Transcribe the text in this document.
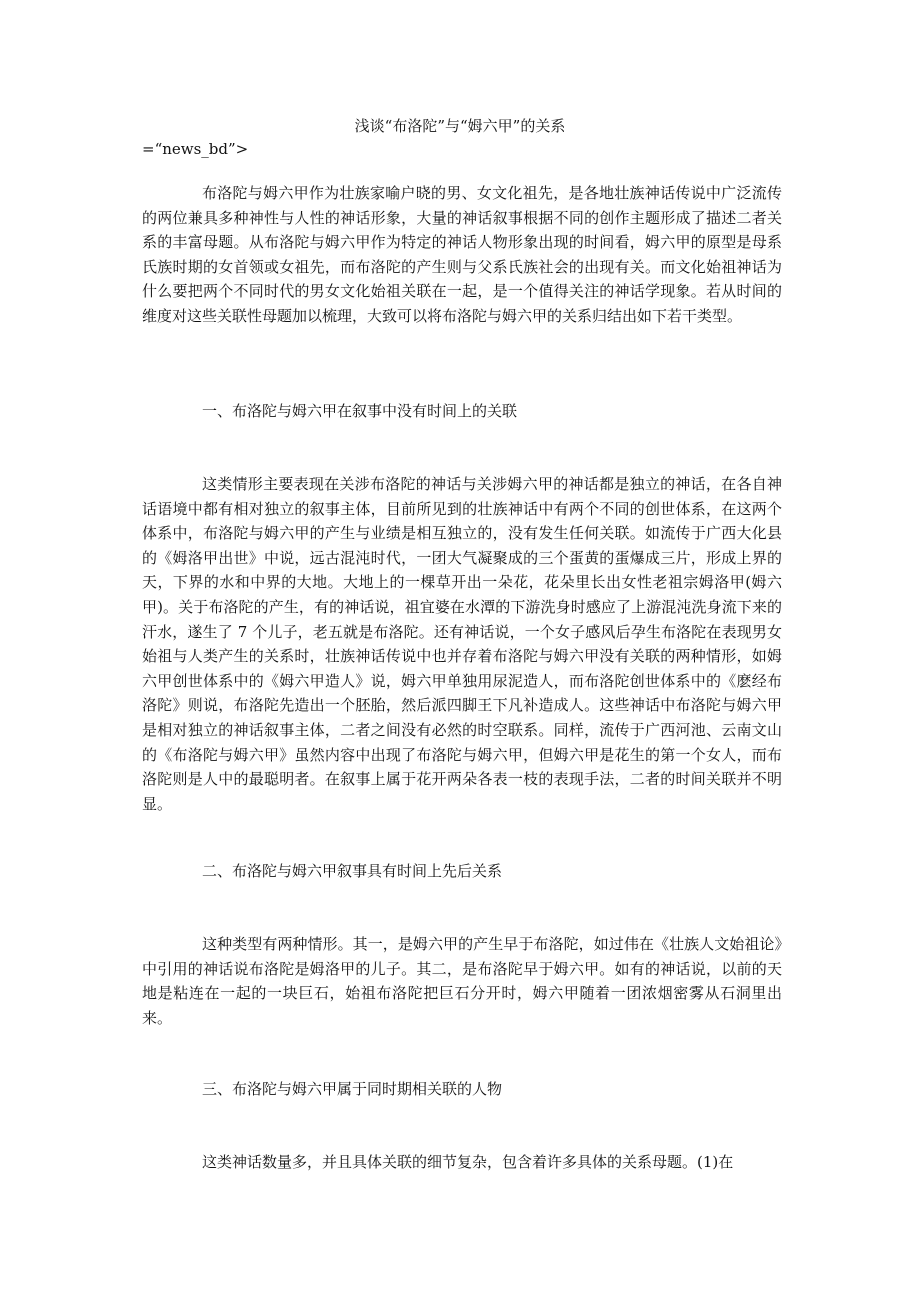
浅谈“布洛陀”与“姆六甲”的关系
=“news_bd”>

布洛陀与姆六甲作为壮族家喻户晓的男、女文化祖先，是各地壮族神话传说中广泛流传的两位兼具多种神性与人性的神话形象，大量的神话叙事根据不同的创作主题形成了描述二者关系的丰富母题。从布洛陀与姆六甲作为特定的神话人物形象出现的时间看，姆六甲的原型是母系氏族时期的女首领或女祖先，而布洛陀的产生则与父系氏族社会的出现有关。而文化始祖神话为什么要把两个不同时代的男女文化始祖关联在一起，是一个值得关注的神话学现象。若从时间的维度对这些关联性母题加以梳理，大致可以将布洛陀与姆六甲的关系归结出如下若干类型。

一、布洛陀与姆六甲在叙事中没有时间上的关联

这类情形主要表现在关涉布洛陀的神话与关涉姆六甲的神话都是独立的神话，在各自神话语境中都有相对独立的叙事主体，目前所见到的壮族神话中有两个不同的创世体系，在这两个体系中，布洛陀与姆六甲的产生与业绩是相互独立的，没有发生任何关联。如流传于广西大化县的《姆洛甲出世》中说，远古混沌时代，一团大气凝聚成的三个蛋黄的蛋爆成三片，形成上界的天，下界的水和中界的大地。大地上的一棵草开出一朵花，花朵里长出女性老祖宗姆洛甲(姆六甲)。关于布洛陀的产生，有的神话说，祖宜婆在水潭的下游洗身时感应了上游混沌洗身流下来的汗水，遂生了 7 个儿子，老五就是布洛陀。还有神话说，一个女子感风后孕生布洛陀在表现男女始祖与人类产生的关系时，壮族神话传说中也并存着布洛陀与姆六甲没有关联的两种情形，如姆六甲创世体系中的《姆六甲造人》说，姆六甲单独用尿泥造人，而布洛陀创世体系中的《麽经布洛陀》则说，布洛陀先造出一个胚胎，然后派四脚王下凡补造成人。这些神话中布洛陀与姆六甲是相对独立的神话叙事主体，二者之间没有必然的时空联系。同样，流传于广西河池、云南文山的《布洛陀与姆六甲》虽然内容中出现了布洛陀与姆六甲，但姆六甲是花生的第一个女人，而布洛陀则是人中的最聪明者。在叙事上属于花开两朵各表一枝的表现手法，二者的时间关联并不明显。

二、布洛陀与姆六甲叙事具有时间上先后关系

这种类型有两种情形。其一，是姆六甲的产生早于布洛陀，如过伟在《壮族人文始祖论》中引用的神话说布洛陀是姆洛甲的儿子。其二，是布洛陀早于姆六甲。如有的神话说，以前的天地是粘连在一起的一块巨石，始祖布洛陀把巨石分开时，姆六甲随着一团浓烟密雾从石洞里出来。

三、布洛陀与姆六甲属于同时期相关联的人物

这类神话数量多，并且具体关联的细节复杂，包含着许多具体的关系母题。(1)在
